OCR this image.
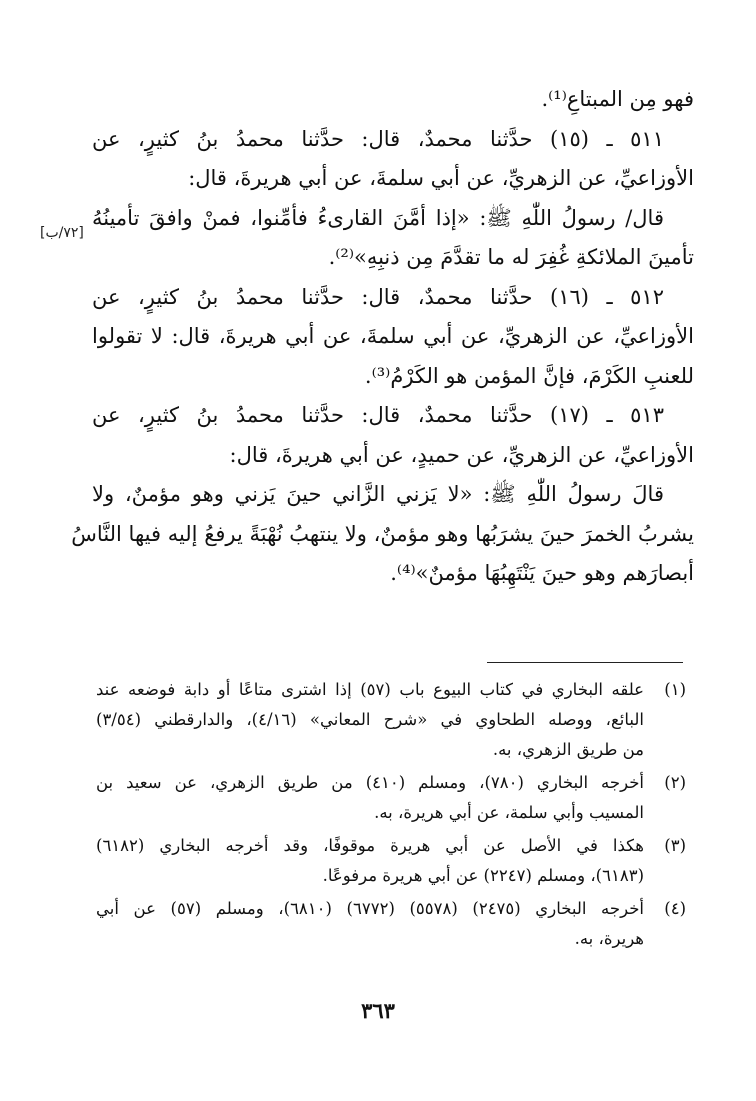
فهو مِن المبتاعِ⁽¹⁾.
٥١١ ـ (١٥) حدَّثنا محمدٌ، قال: حدَّثنا محمدُ بنُ كثيرٍ، عن
الأوزاعيِّ، عن الزهريِّ، عن أبي سلمةَ، عن أبي هريرةَ، قال:
قال/ رسولُ اللّٰهِ ﷺ: «إذا أمَّنَ القارىءُ فأمِّنوا، فمنْ وافقَ تأمينُهُ
تأمينَ الملائكةِ غُفِرَ له ما تقدَّمَ مِن ذنبِهِ»⁽²⁾.
٥١٢ ـ (١٦) حدَّثنا محمدٌ، قال: حدَّثنا محمدُ بنُ كثيرٍ، عن
الأوزاعيِّ، عن الزهريِّ، عن أبي سلمةَ، عن أبي هريرةَ، قال: لا تقولوا
للعنبِ الكَرْمَ، فإنَّ المؤمن هو الكَرْمُ⁽³⁾.
٥١٣ ـ (١٧) حدَّثنا محمدٌ، قال: حدَّثنا محمدُ بنُ كثيرٍ، عن
الأوزاعيِّ، عن الزهريِّ، عن حميدٍ، عن أبي هريرةَ، قال:
قالَ رسولُ اللّٰهِ ﷺ: «لا يَزني الزَّاني حينَ يَزني وهو مؤمنٌ، ولا
يشربُ الخمرَ حينَ يشرَبُها وهو مؤمنٌ، ولا ينتهبُ نُهْبَةً يرفعُ إليه فيها النَّاسُ
أبصارَهم وهو حينَ يَنْتَهِبُهَا مؤمنٌ»⁽⁴⁾.
[٧٢/ب]
(١)
علقه البخاري في كتاب البيوع باب (٥٧) إذا اشترى متاعًا أو دابة فوضعه عند
البائع، ووصله الطحاوي في «شرح المعاني» (٤/١٦)، والدارقطني (٣/٥٤)
من طريق الزهري، به.
(٢)
أخرجه البخاري (٧٨٠)، ومسلم (٤١٠) من طريق الزهري، عن سعيد بن
المسيب وأبي سلمة، عن أبي هريرة، به.
(٣)
هكذا في الأصل عن أبي هريرة موقوفًا، وقد أخرجه البخاري (٦١٨٢)
(٦١٨٣)، ومسلم (٢٢٤٧) عن أبي هريرة مرفوعًا.
(٤)
أخرجه البخاري (٢٤٧٥) (٥٥٧٨) (٦٧٧٢) (٦٨١٠)، ومسلم (٥٧) عن أبي
هريرة، به.
٣٦٣
